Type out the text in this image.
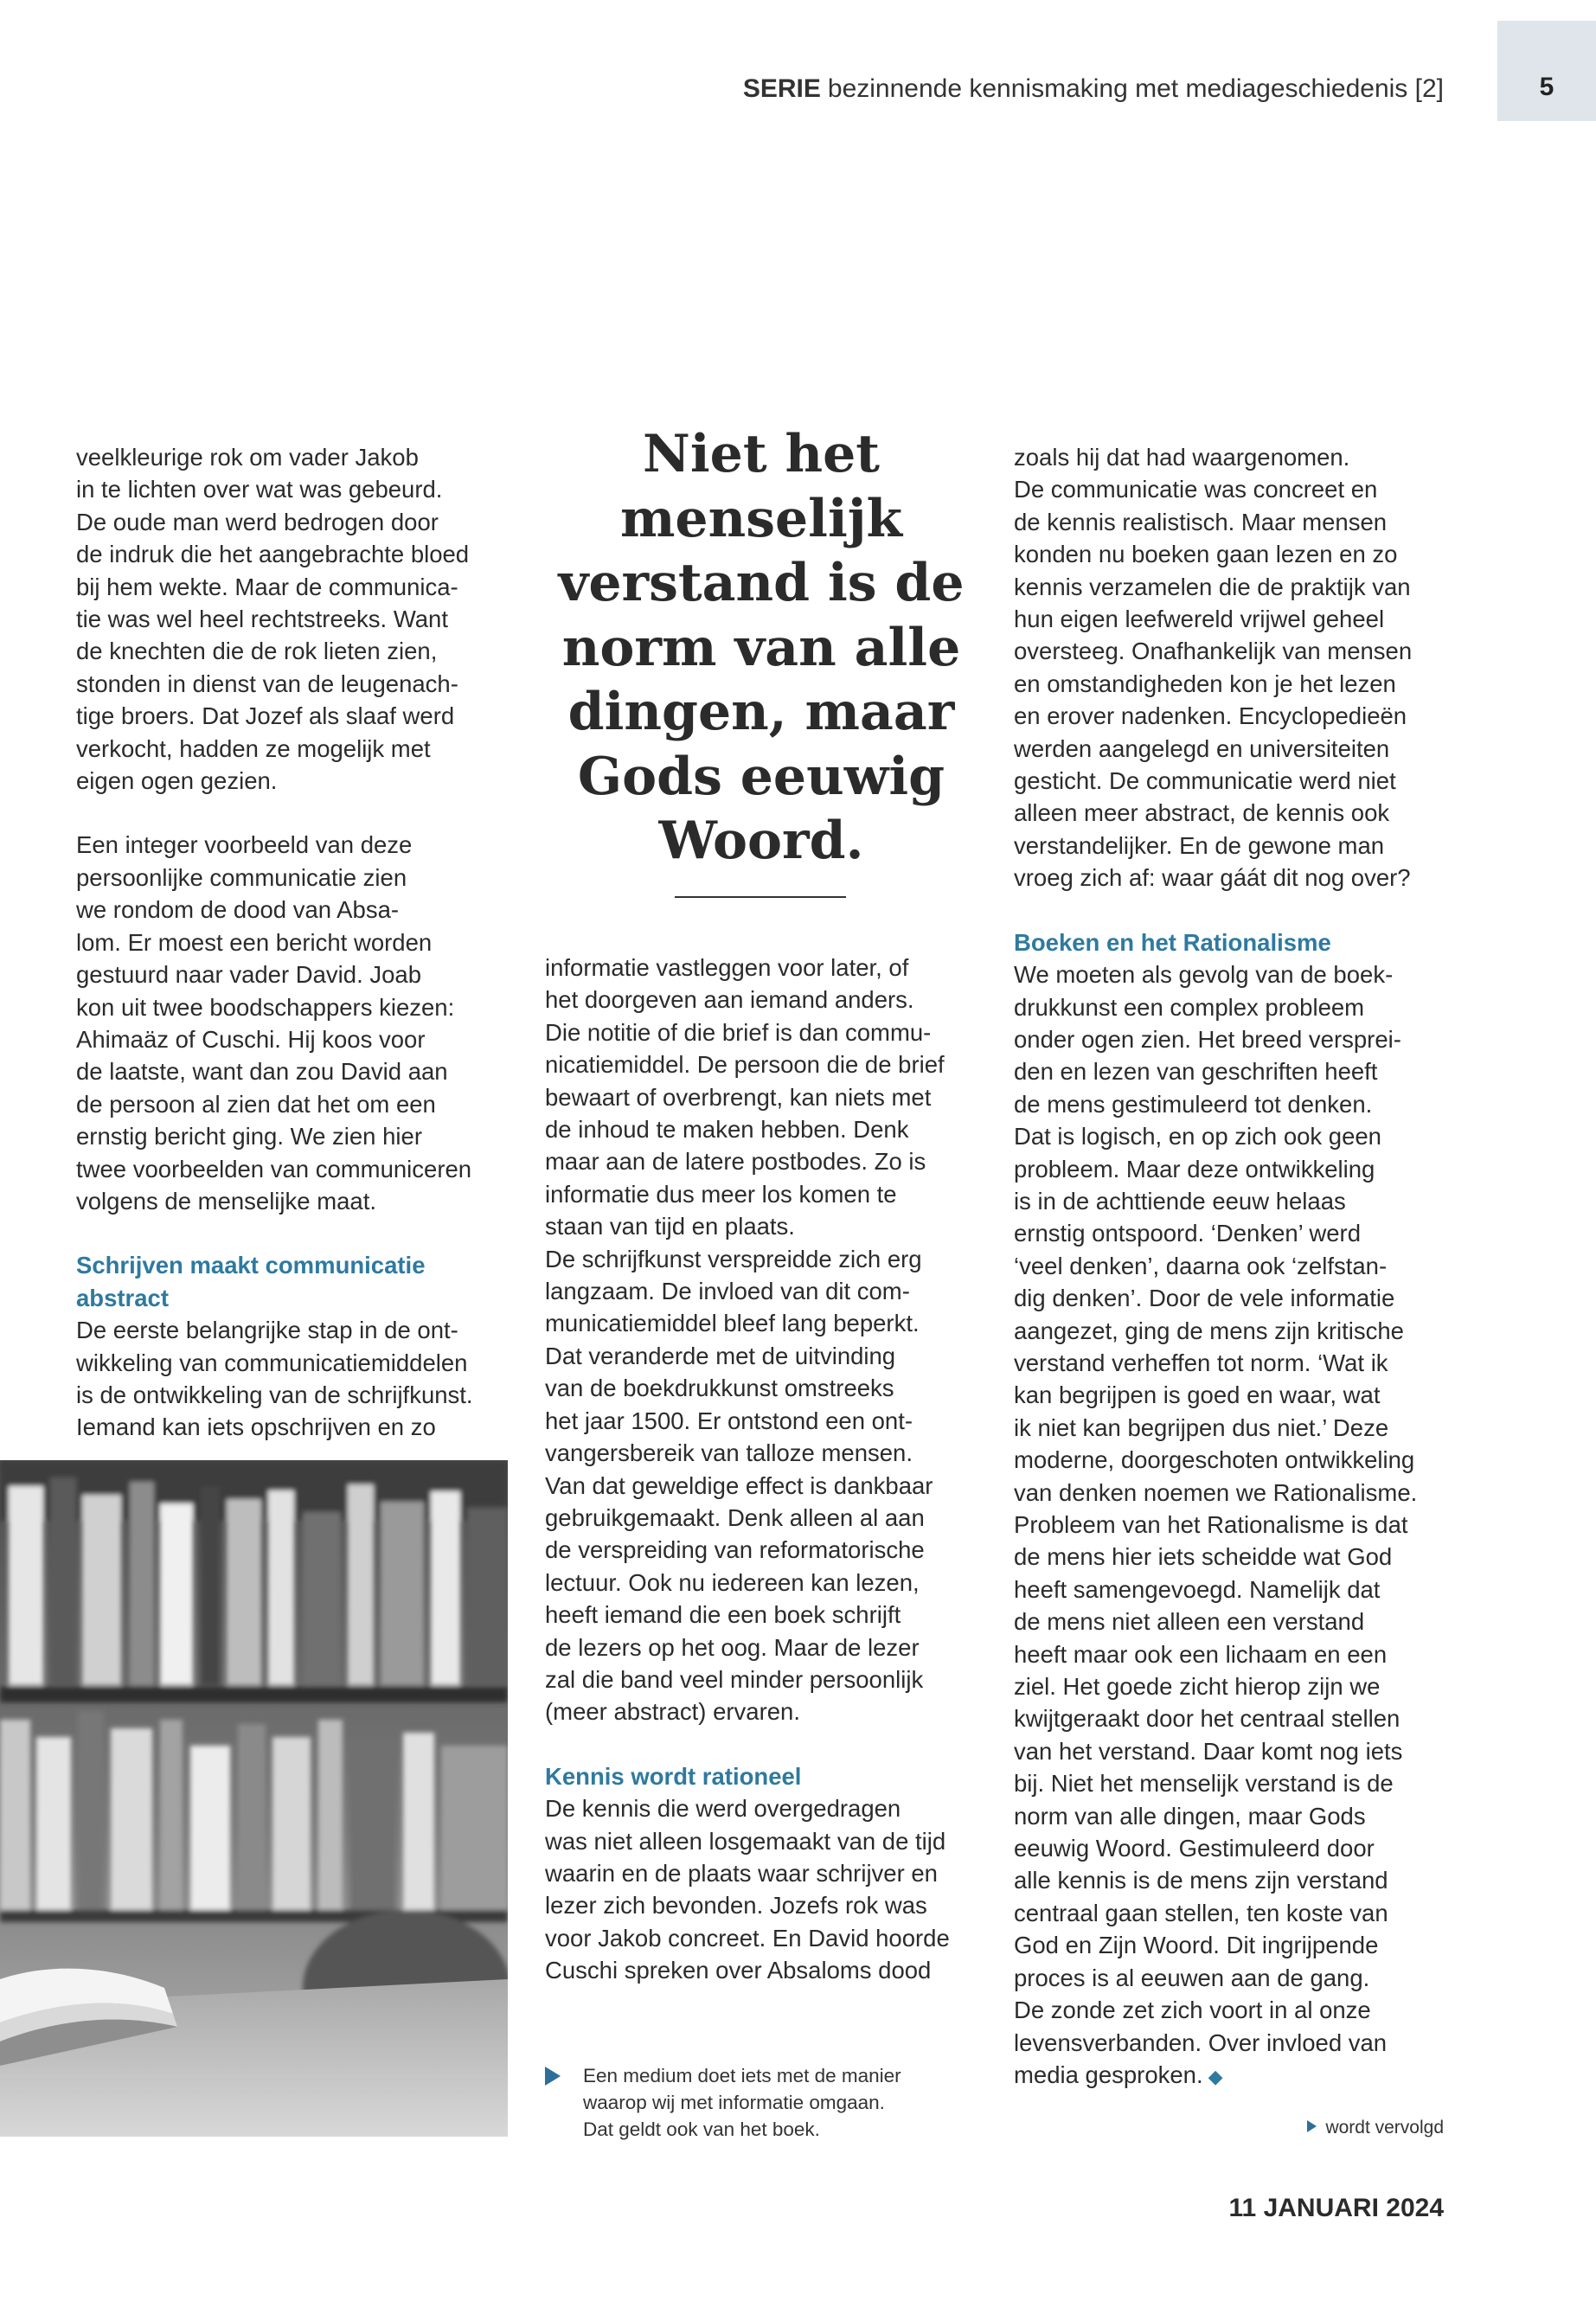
SERIE bezinnende kennismaking met mediageschiedenis [2]	5

veelkleurige rok om vader Jakob
in te lichten over wat was gebeurd.
De oude man werd bedrogen door
de indruk die het aangebrachte bloed
bij hem wekte. Maar de communica-
tie was wel heel rechtstreeks. Want
de knechten die de rok lieten zien,
stonden in dienst van de leugenach-
tige broers. Dat Jozef als slaaf werd
verkocht, hadden ze mogelijk met
eigen ogen gezien.

Een integer voorbeeld van deze
persoonlijke communicatie zien
we rondom de dood van Absa-
lom. Er moest een bericht worden
gestuurd naar vader David. Joab
kon uit twee boodschappers kiezen:
Ahimaäz of Cuschi. Hij koos voor
de laatste, want dan zou David aan
de persoon al zien dat het om een
ernstig bericht ging. We zien hier
twee voorbeelden van communiceren
volgens de menselijke maat.

Schrijven maakt communicatie
abstract

De eerste belangrijke stap in de ont-
wikkeling van communicatiemiddelen
is de ontwikkeling van de schrijfkunst.
Iemand kan iets opschrijven en zo

Niet het menselijk verstand is de norm van alle dingen, maar Gods eeuwig Woord.

informatie vastleggen voor later, of
het doorgeven aan iemand anders.
Die notitie of die brief is dan commu-
nicatiemiddel. De persoon die de brief
bewaart of overbrengt, kan niets met
de inhoud te maken hebben. Denk
maar aan de latere postbodes. Zo is
informatie dus meer los komen te
staan van tijd en plaats.

De schrijfkunst verspreidde zich erg
langzaam. De invloed van dit com-
municatiemiddel bleef lang beperkt.
Dat veranderde met de uitvinding
van de boekdrukkunst omstreeks
het jaar 1500. Er ontstond een ont-
vangersbereik van talloze mensen.
Van dat geweldige effect is dankbaar
gebruikgemaakt. Denk alleen al aan
de verspreiding van reformatorische
lectuur. Ook nu iedereen kan lezen,
heeft iemand die een boek schrijft
de lezers op het oog. Maar de lezer
zal die band veel minder persoonlijk
(meer abstract) ervaren.

Kennis wordt rationeel

De kennis die werd overgedragen
was niet alleen losgemaakt van de tijd
waarin en de plaats waar schrijver en
lezer zich bevonden. Jozefs rok was
voor Jakob concreet. En David hoorde
Cuschi spreken over Absaloms dood

zoals hij dat had waargenomen.
De communicatie was concreet en
de kennis realistisch. Maar mensen
konden nu boeken gaan lezen en zo
kennis verzamelen die de praktijk van
hun eigen leefwereld vrijwel geheel
oversteeg. Onafhankelijk van mensen
en omstandigheden kon je het lezen
en erover nadenken. Encyclopedieën
werden aangelegd en universiteiten
gesticht. De communicatie werd niet
alleen meer abstract, de kennis ook
verstandelijker. En de gewone man
vroeg zich af: waar gáát dit nog over?

Boeken en het Rationalisme

We moeten als gevolg van de boek-
drukkunst een complex probleem
onder ogen zien. Het breed versprei-
den en lezen van geschriften heeft
de mens gestimuleerd tot denken.
Dat is logisch, en op zich ook geen
probleem. Maar deze ontwikkeling
is in de achttiende eeuw helaas
ernstig ontspoord. ‘Denken’ werd
‘veel denken’, daarna ook ‘zelfstan-
dig denken’. Door de vele informatie
aangezet, ging de mens zijn kritische
verstand verheffen tot norm. ‘Wat ik
kan begrijpen is goed en waar, wat
ik niet kan begrijpen dus niet.’ Deze
moderne, doorgeschoten ontwikkeling
van denken noemen we Rationalisme.
Probleem van het Rationalisme is dat
de mens hier iets scheidde wat God
heeft samengevoegd. Namelijk dat
de mens niet alleen een verstand
heeft maar ook een lichaam en een
ziel. Het goede zicht hierop zijn we
kwijtgeraakt door het centraal stellen
van het verstand. Daar komt nog iets
bij. Niet het menselijk verstand is de
norm van alle dingen, maar Gods
eeuwig Woord. Gestimuleerd door
alle kennis is de mens zijn verstand
centraal gaan stellen, ten koste van
God en Zijn Woord. Dit ingrijpende
proces is al eeuwen aan de gang.
De zonde zet zich voort in al onze
levensverbanden. Over invloed van
media gesproken. ◆

Een medium doet iets met de manier
waarop wij met informatie omgaan.
Dat geldt ook van het boek.	wordt vervolgd
11 JANUARI 2024
